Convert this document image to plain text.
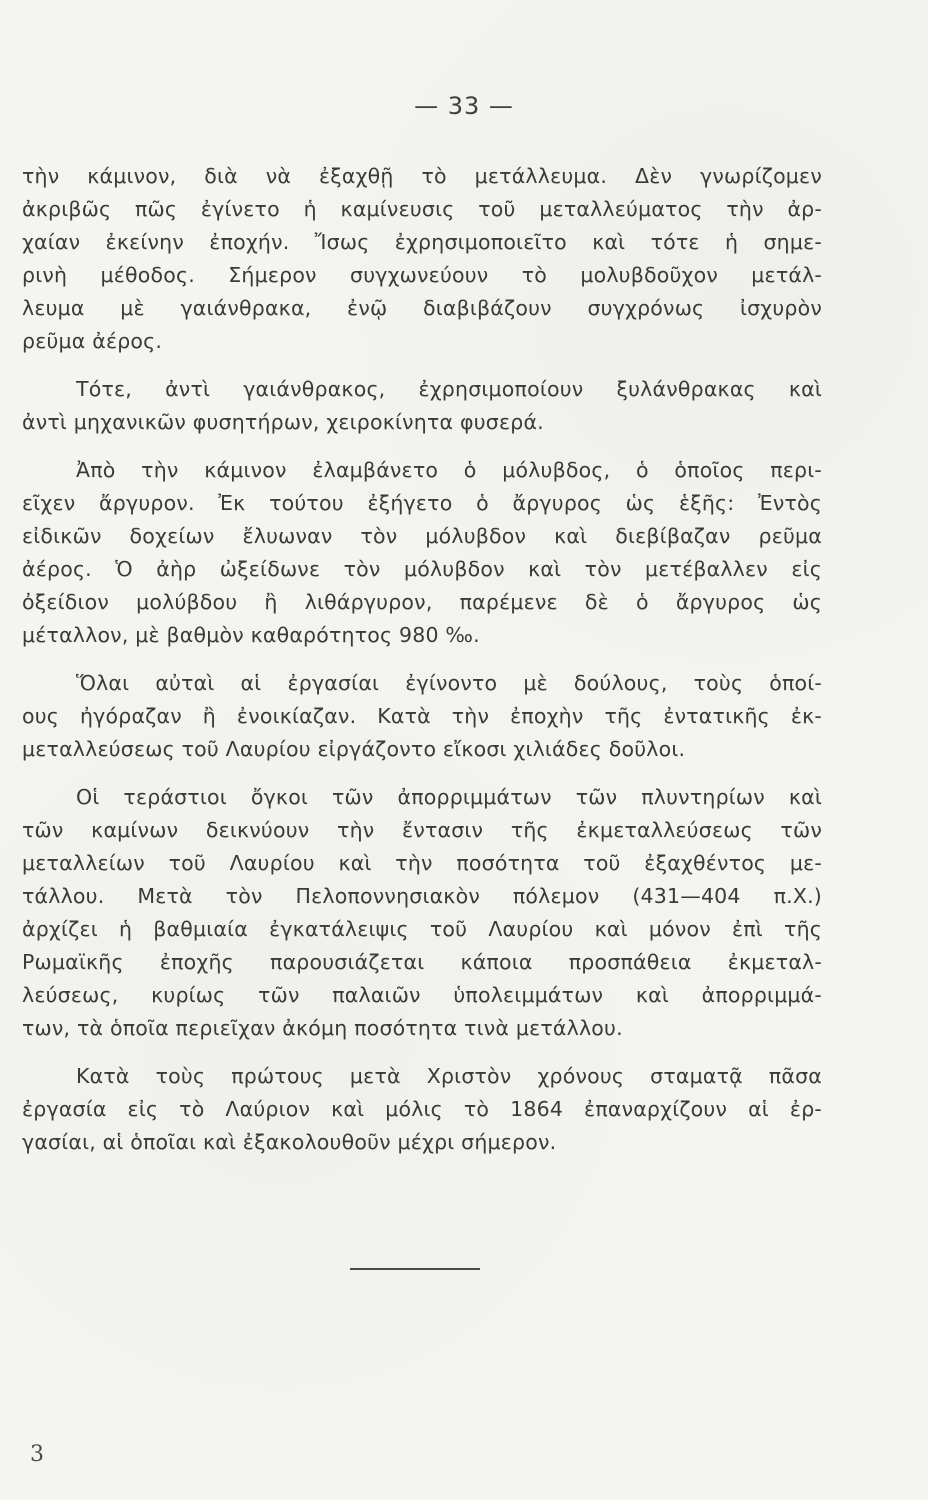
— 33 —

τὴν κάμινον, διὰ νὰ ἐξαχθῇ τὸ μετάλλευμα. Δὲν γνωρίζομεν
ἀκριβῶς πῶς ἐγίνετο ἡ καμίνευσις τοῦ μεταλλεύματος τὴν ἀρ-
χαίαν ἐκείνην ἐποχήν. Ἴσως ἐχρησιμοποιεῖτο καὶ τότε ἡ σημε-
ρινὴ μέθοδος. Σήμερον συγχωνεύουν τὸ μολυβδοῦχον μετάλ-
λευμα μὲ γαιάνθρακα, ἐνῷ διαβιβάζουν συγχρόνως ἰσχυρὸν
ρεῦμα ἀέρος.

Τότε, ἀντὶ γαιάνθρακος, ἐχρησιμοποίουν ξυλάνθρακας καὶ
ἀντὶ μηχανικῶν φυσητήρων, χειροκίνητα φυσερά.

Ἀπὸ τὴν κάμινον ἐλαμβάνετο ὁ μόλυβδος, ὁ ὁποῖος περι-
εῖχεν ἄργυρον. Ἐκ τούτου ἐξήγετο ὁ ἄργυρος ὡς ἑξῆς: Ἐντὸς
εἰδικῶν δοχείων ἔλυωναν τὸν μόλυβδον καὶ διεβίβαζαν ρεῦμα
ἀέρος. Ὁ ἀὴρ ὠξείδωνε τὸν μόλυβδον καὶ τὸν μετέβαλλεν εἰς
ὀξείδιον μολύβδου ἢ λιθάργυρον, παρέμενε δὲ ὁ ἄργυρος ὡς
μέταλλον, μὲ βαθμὸν καθαρότητος 980 ‰.

Ὅλαι αὐταὶ αἱ ἐργασίαι ἐγίνοντο μὲ δούλους, τοὺς ὁποί-
ους ἠγόραζαν ἢ ἐνοικίαζαν. Κατὰ τὴν ἐποχὴν τῆς ἐντατικῆς ἐκ-
μεταλλεύσεως τοῦ Λαυρίου εἰργάζοντο εἴκοσι χιλιάδες δοῦλοι.

Οἱ τεράστιοι ὄγκοι τῶν ἀπορριμμάτων τῶν πλυντηρίων καὶ
τῶν καμίνων δεικνύουν τὴν ἔντασιν τῆς ἐκμεταλλεύσεως τῶν
μεταλλείων τοῦ Λαυρίου καὶ τὴν ποσότητα τοῦ ἐξαχθέντος με-
τάλλου. Μετὰ τὸν Πελοποννησιακὸν πόλεμον (431—404 π.Χ.)
ἀρχίζει ἡ βαθμιαία ἐγκατάλειψις τοῦ Λαυρίου καὶ μόνον ἐπὶ τῆς
Ρωμαϊκῆς ἐποχῆς παρουσιάζεται κάποια προσπάθεια ἐκμεταλ-
λεύσεως, κυρίως τῶν παλαιῶν ὑπολειμμάτων καὶ ἀπορριμμά-
των, τὰ ὁποῖα περιεῖχαν ἀκόμη ποσότητα τινὰ μετάλλου.

Κατὰ τοὺς πρώτους μετὰ Χριστὸν χρόνους σταματᾷ πᾶσα
ἐργασία εἰς τὸ Λαύριον καὶ μόλις τὸ 1864 ἐπαναρχίζουν αἱ ἐρ-
γασίαι, αἱ ὁποῖαι καὶ ἐξακολουθοῦν μέχρι σήμερον.

3
